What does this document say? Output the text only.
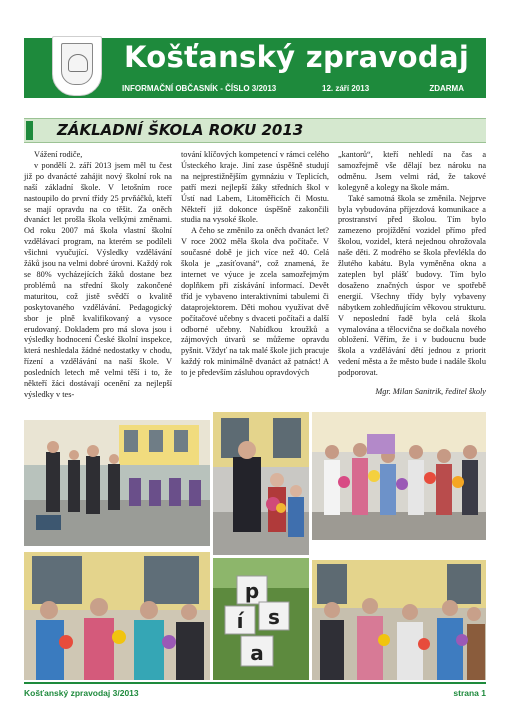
Košťanský zpravodaj
INFORMAČNÍ OBČASNÍK - ČÍSLO 3/2013	12. září 2013	ZDARMA
ZÁKLADNÍ ŠKOLA ROKU 2013

Vážení rodiče,

v pondělí 2. září 2013 jsem měl tu čest již po dvanácté zahájit nový školní rok na naší základní škole. V letošním roce nastoupilo do první třídy 25 prvňáčků, kteří se mají opravdu na co těšit. Za oněch dvanáct let prošla škola velkými změnami. Od roku 2007 má škola vlastní školní vzdělávací program, na kterém se podíleli všichni vyučující. Výsledky vzdělávání žáků jsou na velmi dobré úrovni. Každý rok se 80% vycházejících žáků dostane bez problémů na střední školy zakončené maturitou, což jistě svědčí o kvalitě poskytovaného vzdělávání. Pedagogický sbor je plně kvalifikovaný a vysoce erudovaný. Dokladem pro má slova jsou i výsledky hodnocení České školní inspekce, která neshledala žádné nedostatky v chodu, řízení a vzdělávání na naší škole. V posledních letech mě velmi těší i to, že někteří žáci dostávají ocenění za nejlepší výsledky v tes-

tování klíčových kompetencí v rámci celého Ústeckého kraje. Jiní zase úspěšně studují na nejprestižnějším gymnáziu v Teplicích, patří mezi nejlepší žáky středních škol v Ústí nad Labem, Litoměřicích či Mostu. Někteří již dokonce úspěšně zakončili studia na vysoké škole.

A čeho se změnilo za oněch dvanáct let? V roce 2002 měla škola dva počítače. V současné době je jich více než 40. Celá škola je „zasíťovaná“, což znamená, že internet ve výuce je zcela samozřejmým doplňkem při získávání informací. Devět tříd je vybaveno interaktivními tabulemi či dataprojektorem. Děti mohou využívat dvě počítačové učebny s dvaceti počítači a další odborné učebny. Nabídkou kroužků a zájmových útvarů se můžeme opravdu pyšnit. Vždyť na tak malé škole jich pracuje každý rok minimálně dvanáct až patnáct! A to je především zásluhou opravdových

„kantorů“, kteří nehledí na čas a samozřejmě vše dělají bez nároku na odměnu. Jsem velmi rád, že takové kolegyně a kolegy na škole mám.

Také samotná škola se změnila. Nejprve byla vybudována příjezdová komunikace a prostranství před školou. Tím bylo zamezeno projíždění vozidel přímo před školou, vozidel, která nejednou ohrožovala naše děti. Z modrého se škola převlékla do žlutého kabátu. Byla vyměněna okna a zateplen byl plášť budovy. Tím bylo dosaženo značných úspor ve spotřebě energií. Všechny třídy byly vybaveny nábytkem zohledňujícím věkovou strukturu. V neposlední řadě byla celá škola vymalována a tělocvična se dočkala nového obložení. Věřím, že i v budoucnu bude škola a vzdělávání dětí jednou z priorit vedení města a že město bude i nadále školu podporovat.

Mgr. Milan Sanitrik, ředitel školy

p
í s
a
Košťanský zpravodaj 3/2013	strana 1
